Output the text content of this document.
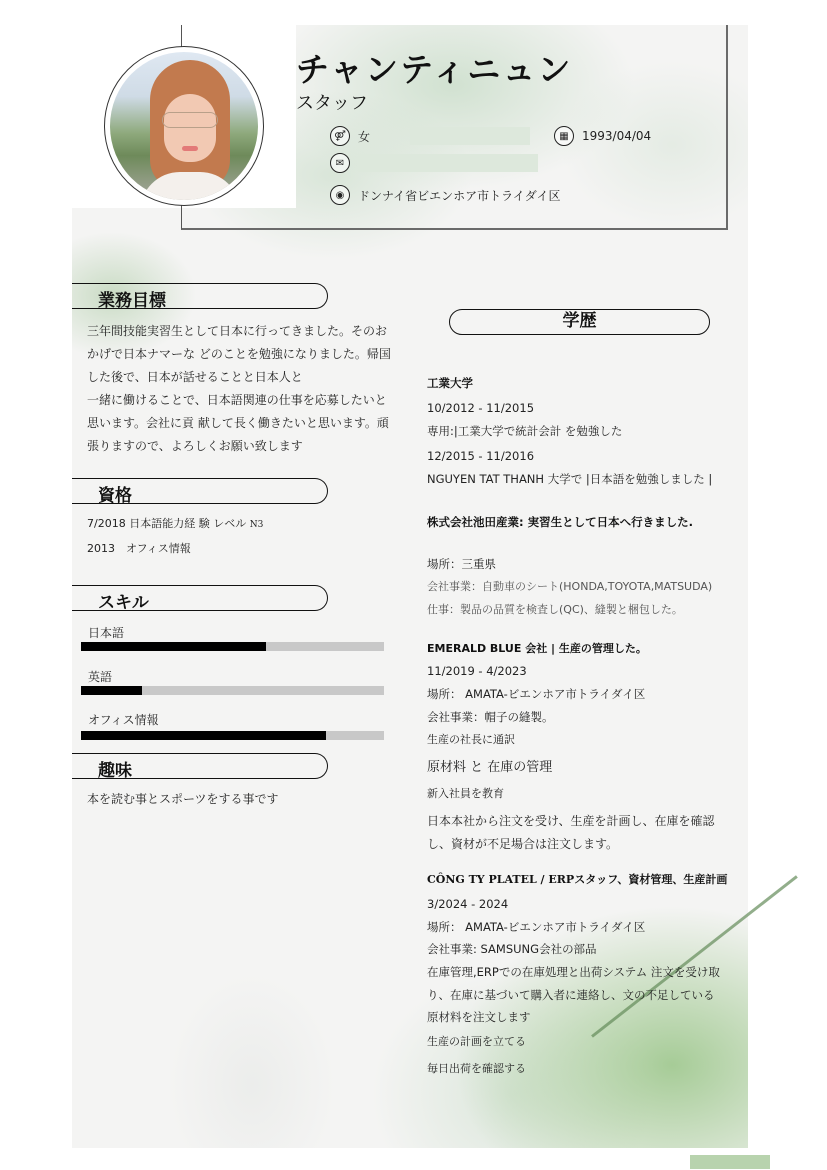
チャンティニュン
スタッフ
⚤	女	▦	1993/04/04
✉
◉	ドンナイ省ビエンホア市トライダイ区
業務目標
三年間技能実習生として日本に行ってきました。そのお
かげで日本ナマーな どのことを勉強になりました。帰国
した後で、日本が話せることと日本人と
一緒に働けることで、日本語関連の仕事を応募したいと
思います。会社に貢 献して長く働きたいと思います。頑
張りますので、よろしくお願い致します
資格
7/2018 日本語能力経 験 レベル N3
2013　オフィス情報
スキル
日本語
英語
オフィス情報
趣味
本を読む事とスポーツをする事です
学歴
工業大学
10/2012 - 11/2015
専用:|工業大学で統計会計 を勉強した
12/2015 - 11/2016
NGUYEN TAT THANH 大学で |日本語を勉強しました |
株式会社池田産業: 実習生として日本へ行きました.
場所：三重県
会社事業：自動車のシート(HONDA,TOYOTA,MATSUDA)
仕事：製品の品質を検査し(QC)、縫製と梱包した。
EMERALD BLUE 会社 | 生産の管理した。
11/2019 - 4/2023
場所： AMATA-ビエンホア市トライダイ区
会社事業：帽子の縫製。
生産の社長に通訳
原材料 と 在庫の管理
新入社員を教育
日本本社から注文を受け、生産を計画し、在庫を確認
し、資材が不足場合は注文します。
CÔNG TY PLATEL / ERPスタッフ、資材管理、生産計画
3/2024 - 2024
場所： AMATA-ビエンホア市トライダイ区
会社事業: SAMSUNG会社の部品
在庫管理,ERPでの在庫処理と出荷システム 注文を受け取
り、在庫に基づいて購入者に連絡し、文の不足している
原材料を注文します
生産の計画を立てる
毎日出荷を確認する
